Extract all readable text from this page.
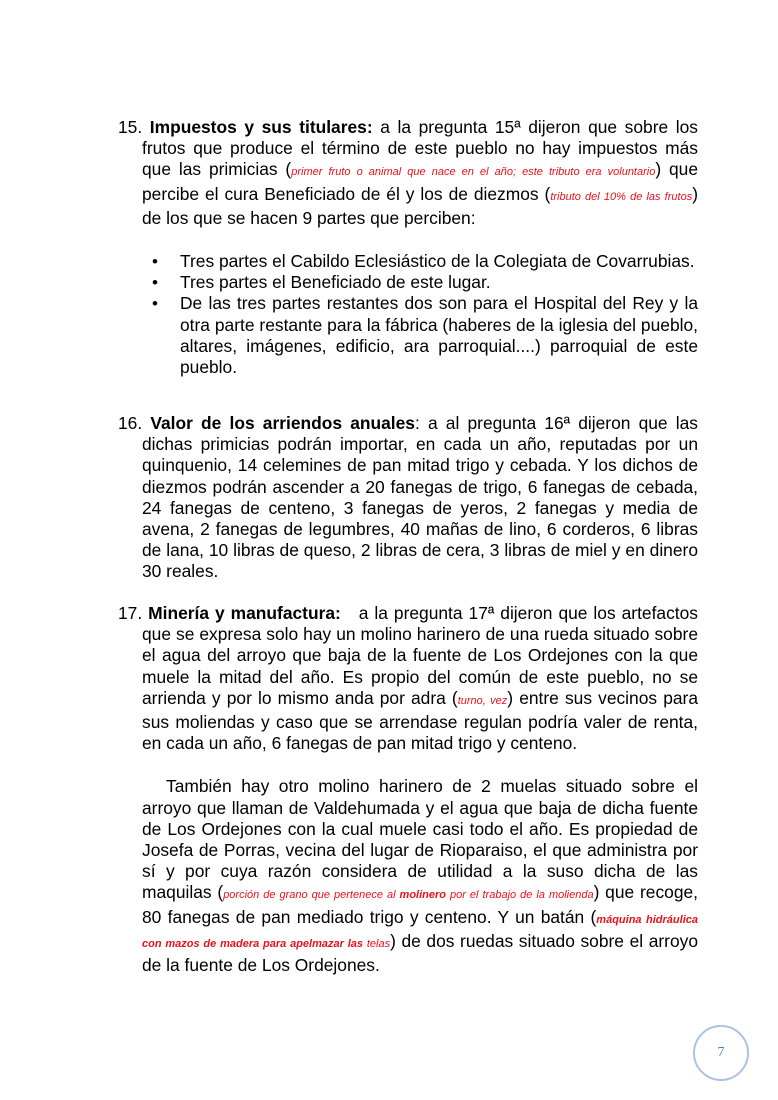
15. Impuestos y sus titulares: a la pregunta 15ª dijeron que sobre los frutos que produce el término de este pueblo no hay impuestos más que las primicias (primer fruto o animal que nace en el año; este tributo era voluntario) que percibe el cura Beneficiado de él y los de diezmos (tributo del 10% de las frutos) de los que se hacen 9 partes que perciben:

•	Tres partes el Cabildo Eclesiástico de la Colegiata de Covarrubias.
•	Tres partes el Beneficiado de este lugar.
•	De las tres partes restantes dos son para el Hospital del Rey y la    otra parte restante para la fábrica (haberes de la iglesia del pueblo, altares, imágenes, edificio, ara parroquial....) parroquial de este pueblo.

16. Valor de los arriendos anuales: a al pregunta 16ª dijeron que las dichas primicias podrán importar, en cada un año, reputadas por un quinquenio, 14 celemines de pan mitad trigo y cebada. Y los dichos de diezmos podrán ascender a 20 fanegas de trigo, 6 fanegas de cebada, 24 fanegas de centeno, 3 fanegas de yeros, 2 fanegas y media de avena, 2 fanegas de legumbres, 40 mañas de lino, 6 corderos, 6 libras de lana, 10 libras de queso, 2 libras de cera, 3 libras de miel y en dinero 30 reales.

17. Minería y manufactura:   a la pregunta 17ª dijeron que los artefactos que se expresa solo hay un molino harinero de una rueda situado sobre el agua del arroyo que baja de la fuente de Los Ordejones con la que muele la mitad del año. Es propio del común de este pueblo, no se arrienda y por lo mismo anda por adra (turno, vez) entre sus vecinos para sus moliendas y caso que se arrendase regulan podría valer de renta, en cada un año, 6 fanegas de pan mitad trigo y centeno.

También hay otro molino harinero de 2 muelas situado sobre el arroyo que llaman de Valdehumada y el agua que baja de dicha fuente de Los Ordejones con la cual muele casi todo el año. Es propiedad de Josefa de Porras, vecina del lugar de Rioparaiso, el que administra por sí y por cuya razón considera de utilidad a la suso dicha de las maquilas (porción de grano que pertenece al molinero por el trabajo de la molienda) que recoge, 80 fanegas de pan mediado trigo y centeno. Y un batán (máquina hidráulica con mazos de madera para apelmazar las telas) de dos ruedas situado sobre el arroyo de la fuente de Los Ordejones.

7
